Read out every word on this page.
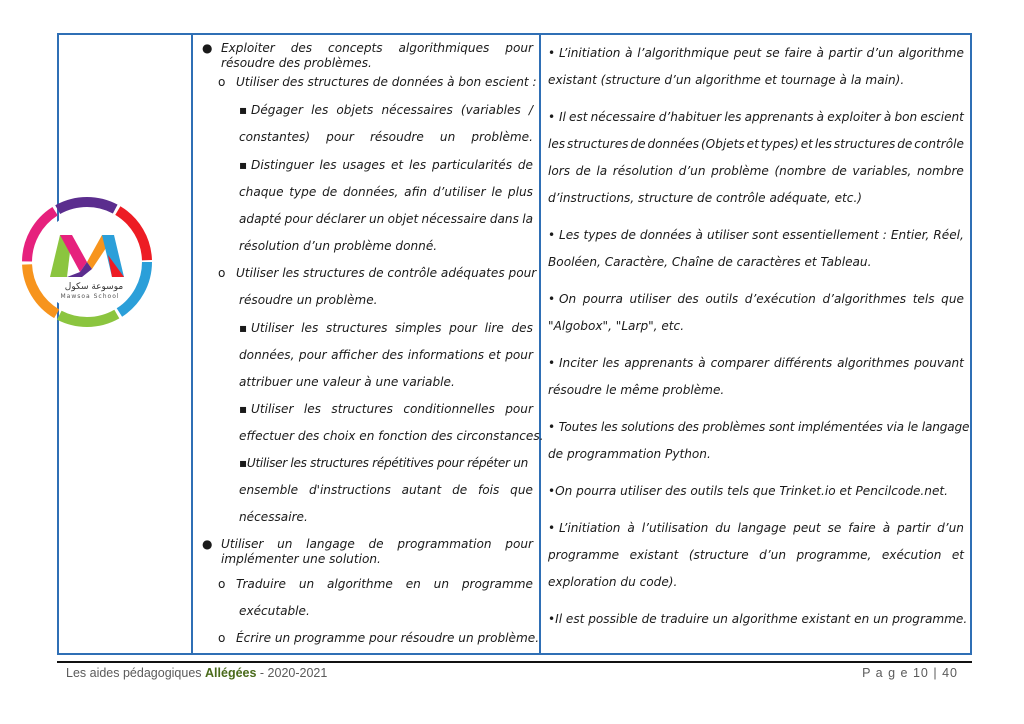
● Exploiter des concepts algorithmiques pour
résoudre des problèmes.
o Utiliser des structures de données à bon escient :
▪ Dégager les objets nécessaires (variables /
constantes) pour résoudre un problème.
▪ Distinguer les usages et les particularités de
chaque type de données, afin d’utiliser le plus
adapté pour déclarer un objet nécessaire dans la
résolution d’un problème donné.
o Utiliser les structures de contrôle adéquates pour
résoudre un problème.
▪ Utiliser les structures simples pour lire des
données, pour afficher des informations et pour
attribuer une valeur à une variable.
▪ Utiliser les structures conditionnelles pour
effectuer des choix en fonction des circonstances.
▪Utiliser les structures répétitives pour répéter un
ensemble d'instructions autant de fois que
nécessaire.
● Utiliser un langage de programmation pour
implémenter une solution.
o Traduire un algorithme en un programme
exécutable.
o Écrire un programme pour résoudre un problème.
• L’initiation à l’algorithmique peut se faire à partir d’un algorithme
existant (structure d’un algorithme et tournage à la main).
• Il est nécessaire d’habituer les apprenants à exploiter à bon escient
les structures de données (Objets et types) et les structures de contrôle
lors de la résolution d’un problème (nombre de variables, nombre
d’instructions, structure de contrôle adéquate, etc.)
• Les types de données à utiliser sont essentiellement : Entier, Réel,
Booléen, Caractère, Chaîne de caractères et Tableau.
• On pourra utiliser des outils d’exécution d’algorithmes tels que
"Algobox", "Larp", etc.
• Inciter les apprenants à comparer différents algorithmes pouvant
résoudre le même problème.
• Toutes les solutions des problèmes sont implémentées via le langage
de programmation Python.
•On pourra utiliser des outils tels que Trinket.io et Pencilcode.net.
• L’initiation à l’utilisation du langage peut se faire à partir d’un
programme existant (structure d’un programme, exécution et
exploration du code).
•Il est possible de traduire un algorithme existant en un programme.
موسوعة سكول
Mawsoa School
Les aides pédagogiques Allégées - 2020-2021	P a g e 10 | 40
